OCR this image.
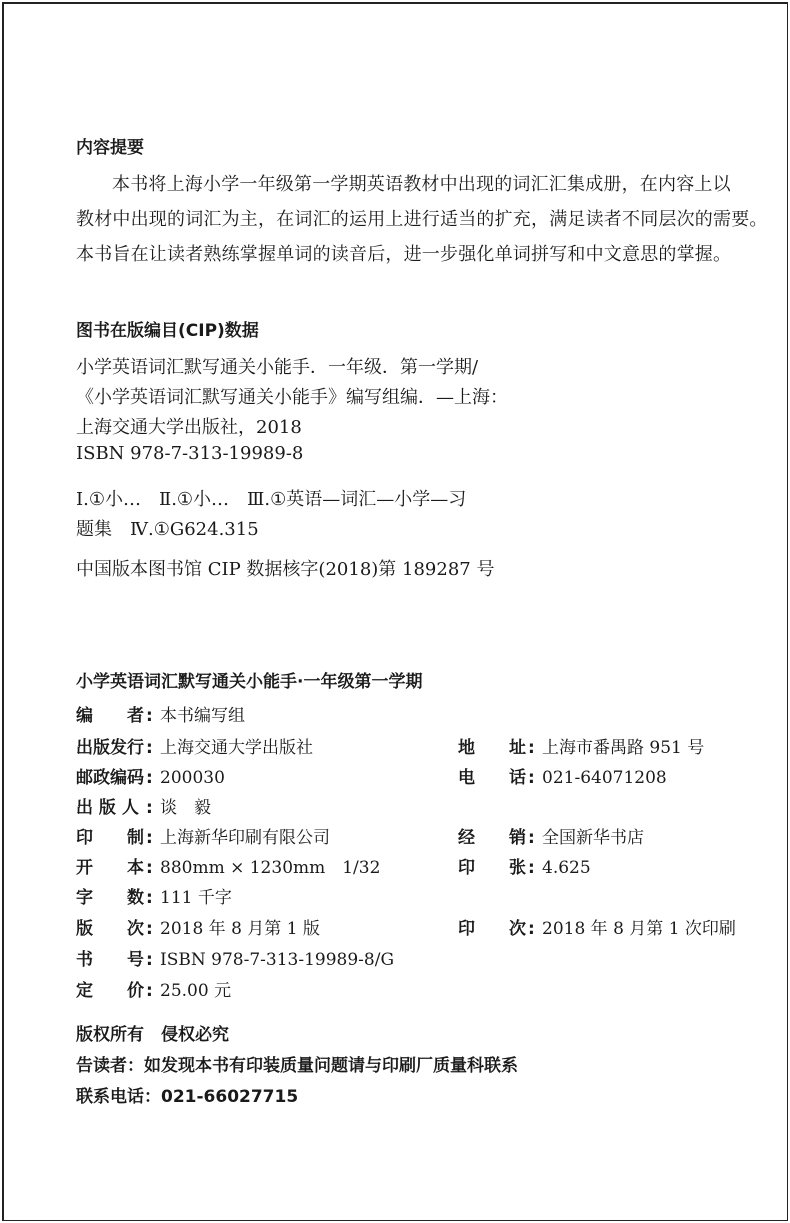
内容提要
本书将上海小学一年级第一学期英语教材中出现的词汇汇集成册，在内容上以
教材中出现的词汇为主，在词汇的运用上进行适当的扩充，满足读者不同层次的需要。
本书旨在让读者熟练掌握单词的读音后，进一步强化单词拼写和中文意思的掌握。
图书在版编目(CIP)数据
小学英语词汇默写通关小能手．一年级．第一学期/
《小学英语词汇默写通关小能手》编写组编．—上海：
上海交通大学出版社，2018
ISBN 978-7-313-19989-8
Ⅰ.①小…　Ⅱ.①小…　Ⅲ.①英语—词汇—小学—习
题集　Ⅳ.①G624.315
中国版本图书馆 CIP 数据核字(2018)第 189287 号
小学英语词汇默写通关小能手·一年级第一学期
编　　者 : 本书编写组
出版发行 : 上海交通大学出版社
邮政编码 : 200030
出 版 人 : 谈　毅
印　　制 : 上海新华印刷有限公司
开　　本 : 880mm × 1230mm　1/32
字　　数 : 111 千字
版　　次 : 2018 年 8 月第 1 版
书　　号 : ISBN 978-7-313-19989-8/G
定　　价 : 25.00 元
地　　址 : 上海市番禺路 951 号
电　　话 : 021-64071208
经　　销 : 全国新华书店
印　　张 : 4.625
印　　次 : 2018 年 8 月第 1 次印刷
版权所有　侵权必究
告读者：如发现本书有印装质量问题请与印刷厂质量科联系
联系电话：021-66027715
